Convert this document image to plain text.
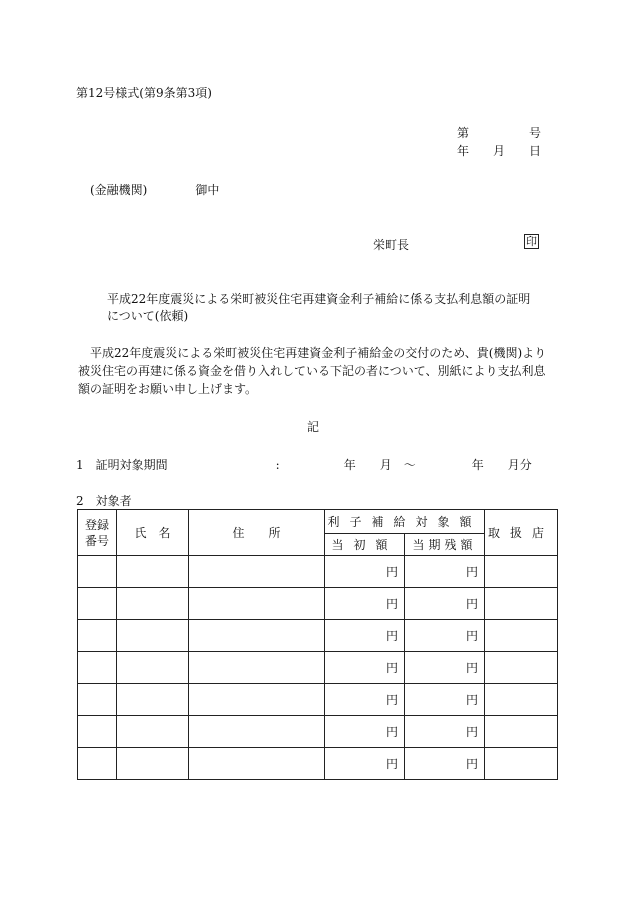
第12号様式(第9条第3項)
第	号
年 月 日
(金融機関)	御中
栄町長	印
平成22年度震災による栄町被災住宅再建資金利子補給に係る支払利息額の証明について(依頼)
平成22年度震災による栄町被災住宅再建資金利子補給金の交付のため、貴(機関)より被災住宅の再建に係る資金を借り入れしている下記の者について、別紙により支払利息額の証明をお願い申し上げます。
記
1　証明対象期間	:	年　　 月　 〜	年　　 月分
2　対象者
登録番号	氏　名	住　　所	利子補給対象額		取扱店
			当初額	当期残額	
			円	円	
			円	円	
			円	円	
			円	円	
			円	円	
			円	円	
			円	円	
